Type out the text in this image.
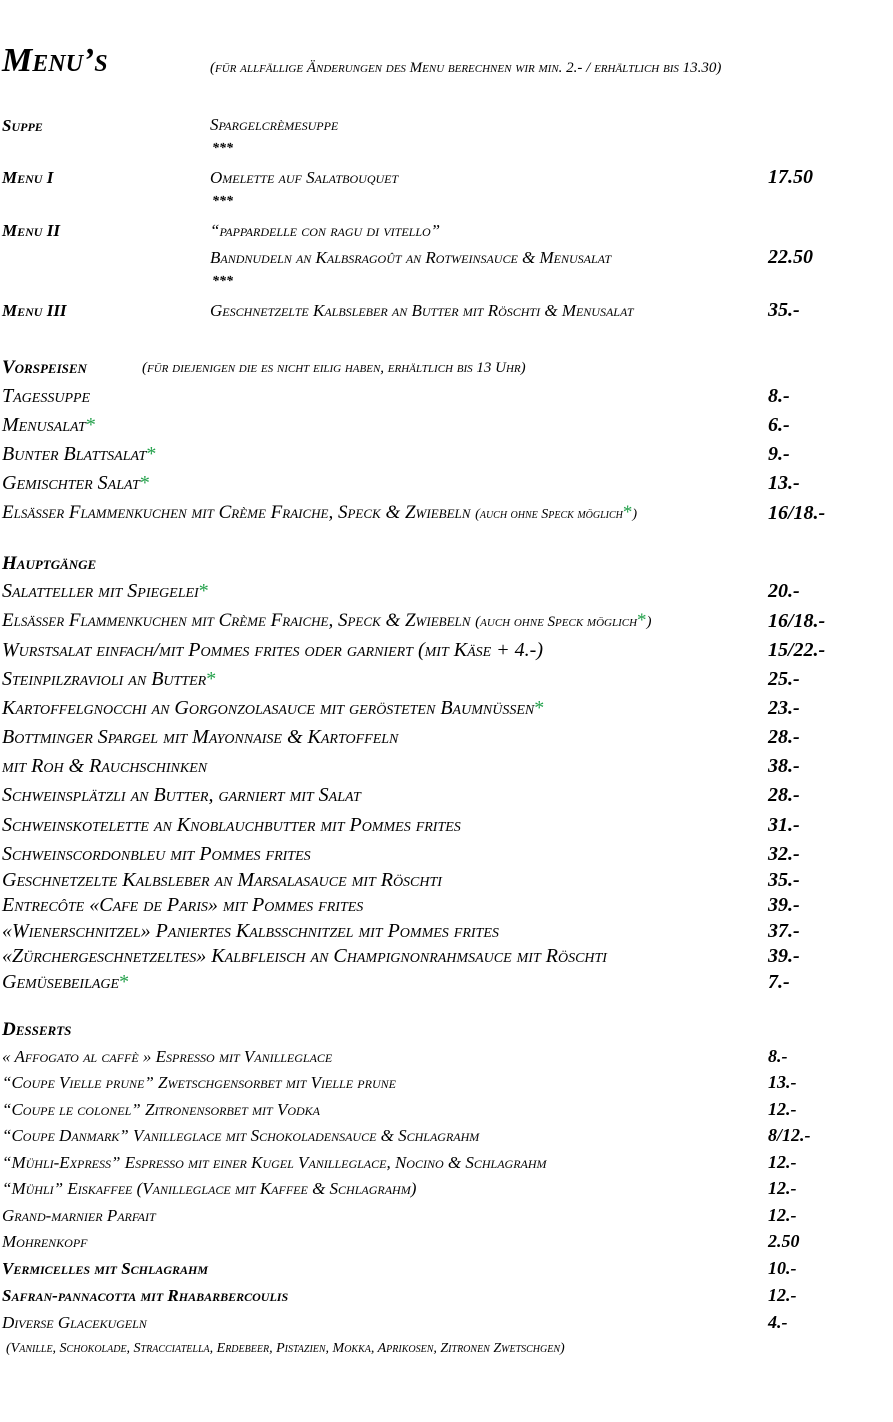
Menu’s	(für allfällige Änderungen des Menu berechnen wir min. 2.- / erhältlich bis 13.30)
Suppe	Spargelcrèmesuppe
***
Menu I	Omelette auf Salatbouquet	17.50
***
Menu II	“pappardelle con ragu di vitello”
Bandnudeln an Kalbsragoût an Rotweinsauce & Menusalat	22.50
***
Menu III	Geschnetzelte Kalbsleber an Butter mit Röschti & Menusalat	35.-
Vorspeisen	(für diejenigen die es nicht eilig haben, erhältlich bis 13 Uhr)
Tagessuppe	8.-
Menusalat*	6.-
Bunter Blattsalat*	9.-
Gemischter Salat*	13.-
Elsässer Flammenkuchen mit Crème Fraiche, Speck & Zwiebeln (auch ohne Speck möglich*)	16/18.-
Hauptgänge
Salatteller mit Spiegelei*	20.-
Elsässer Flammenkuchen mit Crème Fraiche, Speck & Zwiebeln (auch ohne Speck möglich*)	16/18.-
Wurstsalat einfach/mit Pommes frites oder garniert (mit Käse + 4.-)	15/22.-
Steinpilzravioli an Butter*	25.-
Kartoffelgnocchi an Gorgonzolasauce mit gerösteten Baumnüssen*	23.-
Bottminger Spargel mit Mayonnaise & Kartoffeln	28.-
mit Roh & Rauchschinken	38.-
Schweinsplätzli an Butter, garniert mit Salat	28.-
Schweinskotelette an Knoblauchbutter mit Pommes frites	31.-
Schweinscordonbleu mit Pommes frites	32.-
Geschnetzelte Kalbsleber an Marsalasauce mit Röschti	35.-
Entrecôte «Cafe de Paris» mit Pommes frites	39.-
«Wienerschnitzel» Paniertes Kalbsschnitzel mit Pommes frites	37.-
«Zürchergeschnetzeltes» Kalbfleisch an Champignonrahmsauce mit Röschti	39.-
Gemüsebeilage*	7.-
Desserts
« Affogato al caffè » Espresso mit Vanilleglace	8.-
“Coupe Vielle prune” Zwetschgensorbet mit Vielle prune	13.-
“Coupe le colonel” Zitronensorbet mit Vodka	12.-
“Coupe Danmark” Vanilleglace mit Schokoladensauce & Schlagrahm	8/12.-
“Mühli-Express” Espresso mit einer Kugel Vanilleglace, Nocino & Schlagrahm	12.-
“Mühli” Eiskaffee (Vanilleglace mit Kaffee & Schlagrahm)	12.-
Grand-marnier Parfait	12.-
Mohrenkopf	2.50
Vermicelles mit Schlagrahm	10.-
Safran-pannacotta mit Rhabarbercoulis	12.-
Diverse Glacekugeln	4.-
(Vanille, Schokolade, Stracciatella, Erdebeer, Pistazien, Mokka, Aprikosen, Zitronen Zwetschgen)
